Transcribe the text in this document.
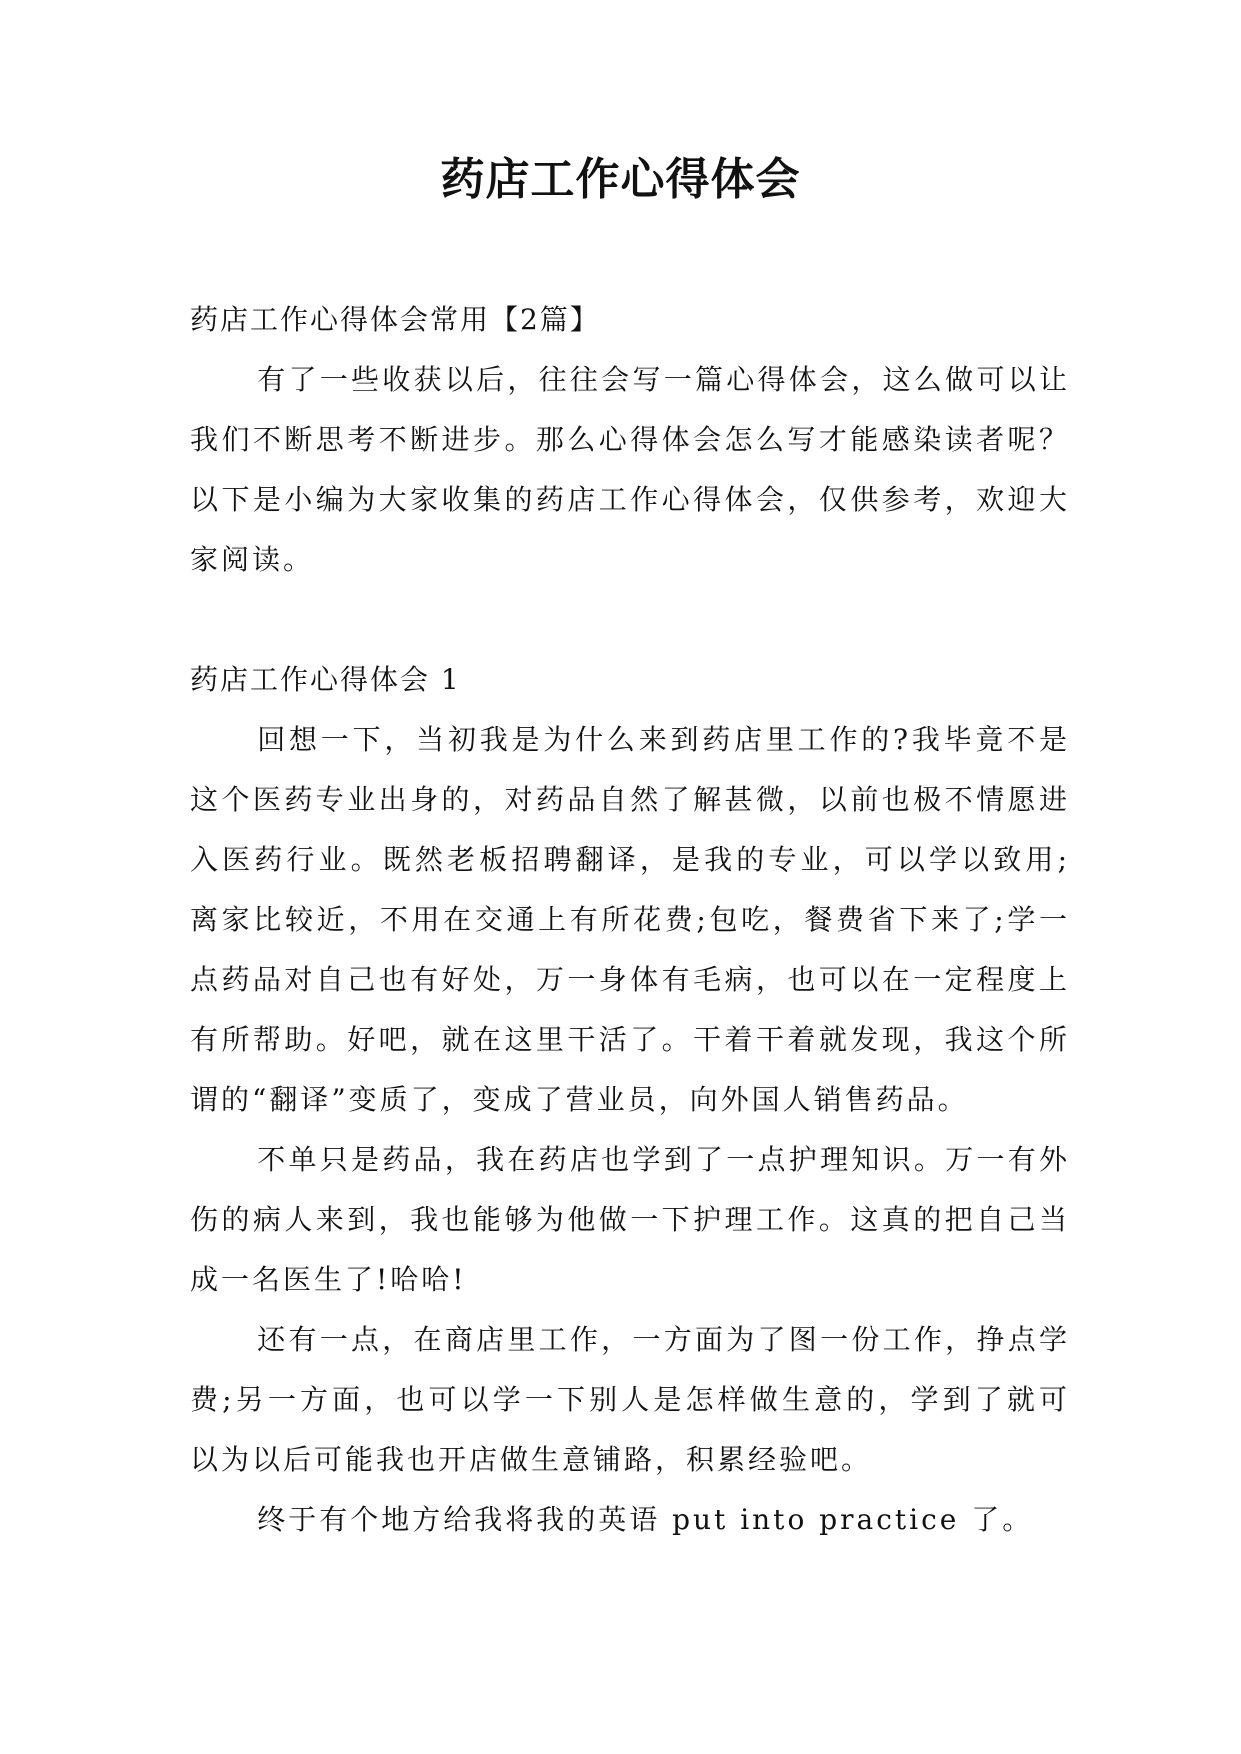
药店工作心得体会

药店工作心得体会常用【2篇】

有了一些收获以后，往往会写一篇心得体会，这么做可以让我们不断思考不断进步。那么心得体会怎么写才能感染读者呢？以下是小编为大家收集的药店工作心得体会，仅供参考，欢迎大家阅读。

药店工作心得体会 1

回想一下，当初我是为什么来到药店里工作的?我毕竟不是这个医药专业出身的，对药品自然了解甚微，以前也极不情愿进入医药行业。既然老板招聘翻译，是我的专业，可以学以致用;离家比较近，不用在交通上有所花费;包吃，餐费省下来了;学一点药品对自己也有好处，万一身体有毛病，也可以在一定程度上有所帮助。好吧，就在这里干活了。干着干着就发现，我这个所谓的“翻译”变质了，变成了营业员，向外国人销售药品。

不单只是药品，我在药店也学到了一点护理知识。万一有外伤的病人来到，我也能够为他做一下护理工作。这真的把自己当成一名医生了!哈哈!

还有一点，在商店里工作，一方面为了图一份工作，挣点学费;另一方面，也可以学一下别人是怎样做生意的，学到了就可以为以后可能我也开店做生意铺路，积累经验吧。

终于有个地方给我将我的英语 put into practice 了。
